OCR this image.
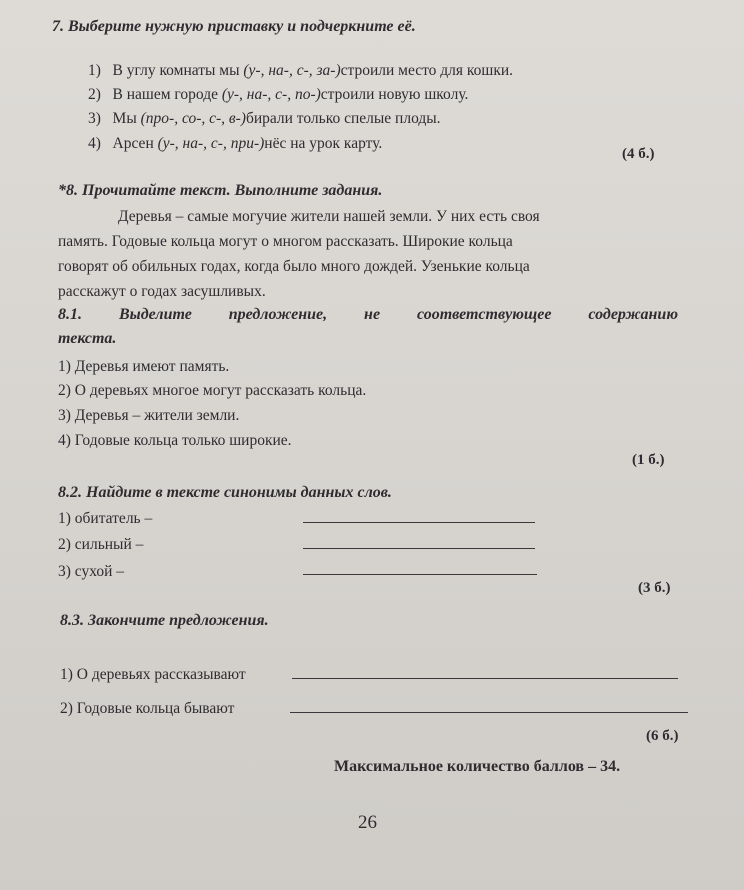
7. Выберите нужную приставку и подчеркните её.
1) В углу комнаты мы (у-, на-, с-, за-)строили место для кошки.
2) В нашем городе (у-, на-, с-, по-)строили новую школу.
3) Мы (про-, со-, с-, в-)бирали только спелые плоды.
4) Арсен (у-, на-, с-, при-)нёс на урок карту.
(4 б.)
*8. Прочитайте текст. Выполните задания.
Деревья – самые могучие жители нашей земли. У них есть своя
память. Годовые кольца могут о многом рассказать. Широкие кольца
говорят об обильных годах, когда было много дождей. Узенькие кольца
расскажут о годах засушливых.
8.1. Выделите предложение, не соответствующее содержанию
текста.
1) Деревья имеют память.
2) О деревьях многое могут рассказать кольца.
3) Деревья – жители земли.
4) Годовые кольца только широкие.
(1 б.)
8.2. Найдите в тексте синонимы данных слов.
1) обитатель –
2) сильный –
3) сухой –
(3 б.)
8.3. Закончите предложения.
1) О деревьях рассказывают
2) Годовые кольца бывают
(6 б.)
Максимальное количество баллов – 34.
26
